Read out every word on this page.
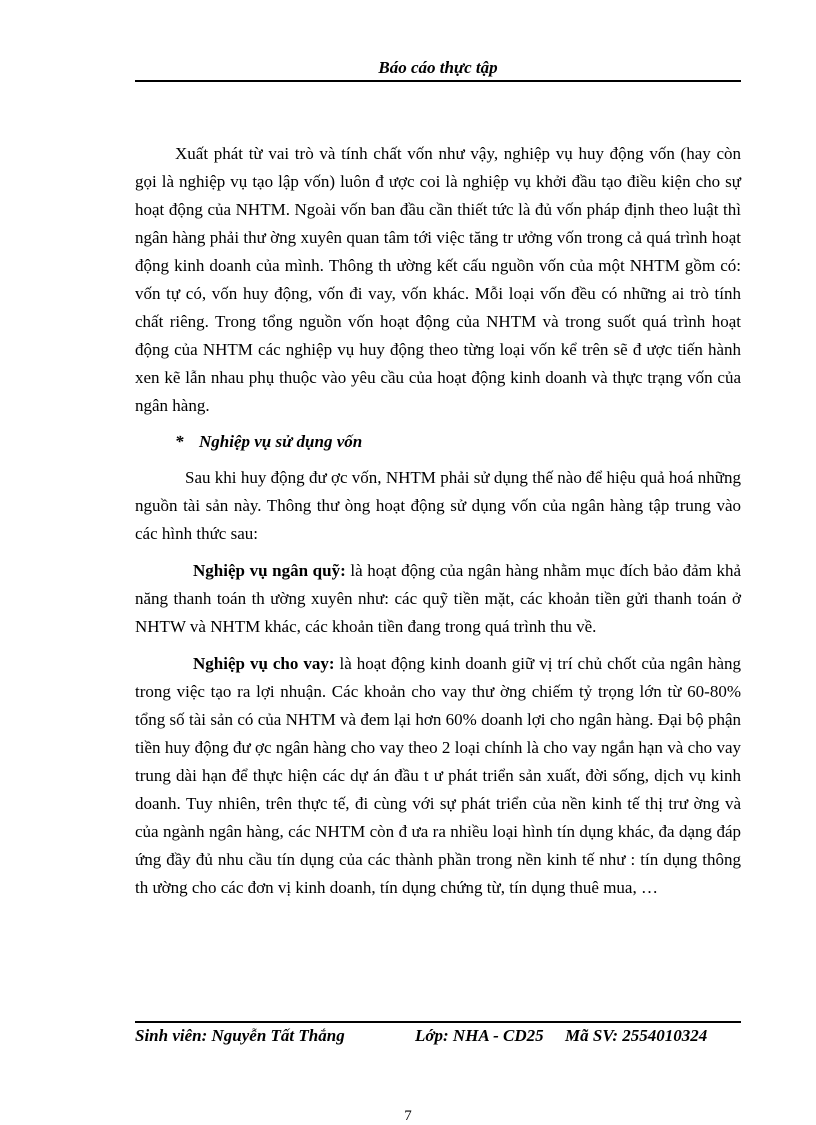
Báo cáo thực tập

Xuất phát từ vai trò và tính chất vốn như vậy, nghiệp vụ huy động vốn (hay còn gọi là nghiệp vụ tạo lập vốn) luôn đ ược coi là nghiệp vụ khởi đầu tạo điều kiện cho sự hoạt động của NHTM. Ngoài vốn ban đầu cần thiết tức là đủ vốn pháp định theo luật thì ngân hàng phải thư ờng xuyên quan tâm tới việc tăng tr ưởng vốn trong cả quá trình hoạt động kinh doanh của mình. Thông th ường kết cấu nguồn vốn của một NHTM gồm có: vốn tự có, vốn huy động, vốn đi vay, vốn khác. Mỗi loại vốn đều có những ai trò tính chất riêng. Trong tổng nguồn vốn hoạt động của NHTM và trong suốt quá trình hoạt động của NHTM các nghiệp vụ huy động theo từng loại vốn kể trên sẽ đ ược tiến hành xen kẽ lẫn nhau phụ thuộc vào yêu cầu của hoạt động kinh doanh và thực trạng vốn của ngân hàng.

* Nghiệp vụ sử dụng vốn

Sau khi huy động đư ợc vốn, NHTM phải sử dụng thế nào để hiệu quả hoá những nguồn tài sản này. Thông thư òng hoạt động sử dụng vốn của ngân hàng tập trung vào các hình thức sau:

Nghiệp vụ ngân quỹ: là hoạt động của ngân hàng nhằm mục đích bảo đảm khả năng thanh toán th ường xuyên như: các quỹ tiền mặt, các khoản tiền gửi thanh toán ở NHTW và NHTM khác, các khoản tiền đang trong quá trình thu về.

Nghiệp vụ cho vay: là hoạt động kinh doanh giữ vị trí chủ chốt của ngân hàng trong việc tạo ra lợi nhuận. Các khoản cho vay thư ờng chiếm tỷ trọng lớn từ 60-80% tổng số tài sản có của NHTM và đem lại hơn 60% doanh lợi cho ngân hàng. Đại bộ phận tiền huy động đư ợc ngân hàng cho vay theo 2 loại chính là cho vay ngắn hạn và cho vay trung dài hạn để thực hiện các dự án đầu t ư phát triển sản xuất, đời sống, dịch vụ kinh doanh. Tuy nhiên, trên thực tế, đi cùng với sự phát triển của nền kinh tế thị trư ờng và của ngành ngân hàng, các NHTM còn đ ưa ra nhiều loại hình tín dụng khác, đa dạng đáp ứng đầy đủ nhu cầu tín dụng của các thành phần trong nền kinh tế như : tín dụng thông th ường cho các đơn vị kinh doanh, tín dụng chứng từ, tín dụng thuê mua, …

Sinh viên: Nguyễn Tất Thắng	Lớp: NHA - CD25 Mã SV: 2554010324
7
